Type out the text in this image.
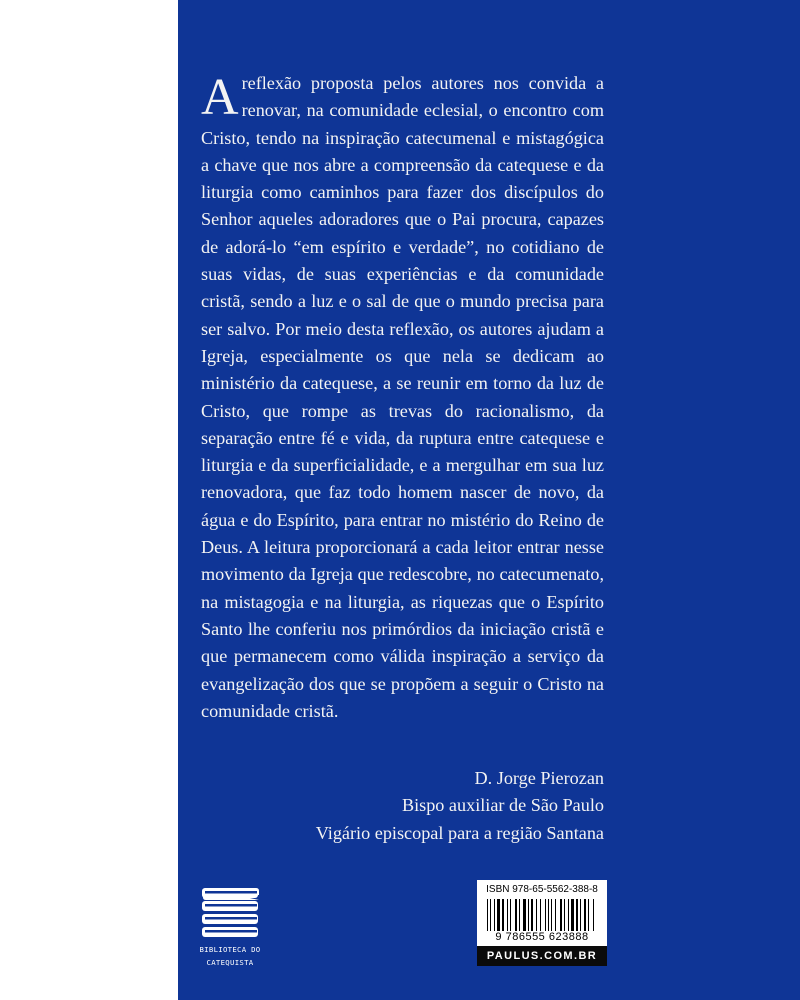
Areflexão proposta pelos autores nos convida a renovar, na comunidade eclesial, o encontro com Cristo, tendo na inspiração catecumenal e mistagógica a chave que nos abre a compreensão da catequese e da liturgia como caminhos para fazer dos discípulos do Senhor aqueles adoradores que o Pai procura, capazes de adorá-lo “em espírito e verdade”, no cotidiano de suas vidas, de suas experiências e da comunidade cristã, sendo a luz e o sal de que o mundo precisa para ser salvo. Por meio desta reflexão, os autores ajudam a Igreja, especialmente os que nela se dedicam ao ministério da catequese, a se reunir em torno da luz de Cristo, que rompe as trevas do racionalismo, da separação entre fé e vida, da ruptura entre catequese e liturgia e da superficialidade, e a mergulhar em sua luz renovadora, que faz todo homem nascer de novo, da água e do Espírito, para entrar no mistério do Reino de Deus. A leitura proporcionará a cada leitor entrar nesse movimento da Igreja que redescobre, no catecumenato, na mistagogia e na liturgia, as riquezas que o Espírito Santo lhe conferiu nos primórdios da iniciação cristã e que permanecem como válida inspiração a serviço da evangelização dos que se propõem a seguir o Cristo na comunidade cristã.

D. Jorge Pierozan
Bispo auxiliar de São Paulo
Vigário episcopal para a região Santana
BIBLIOTECA DO
CATEQUISTA
ISBN 978-65-5562-388-8
9 786555 623888
PAULUS.COM.BR
